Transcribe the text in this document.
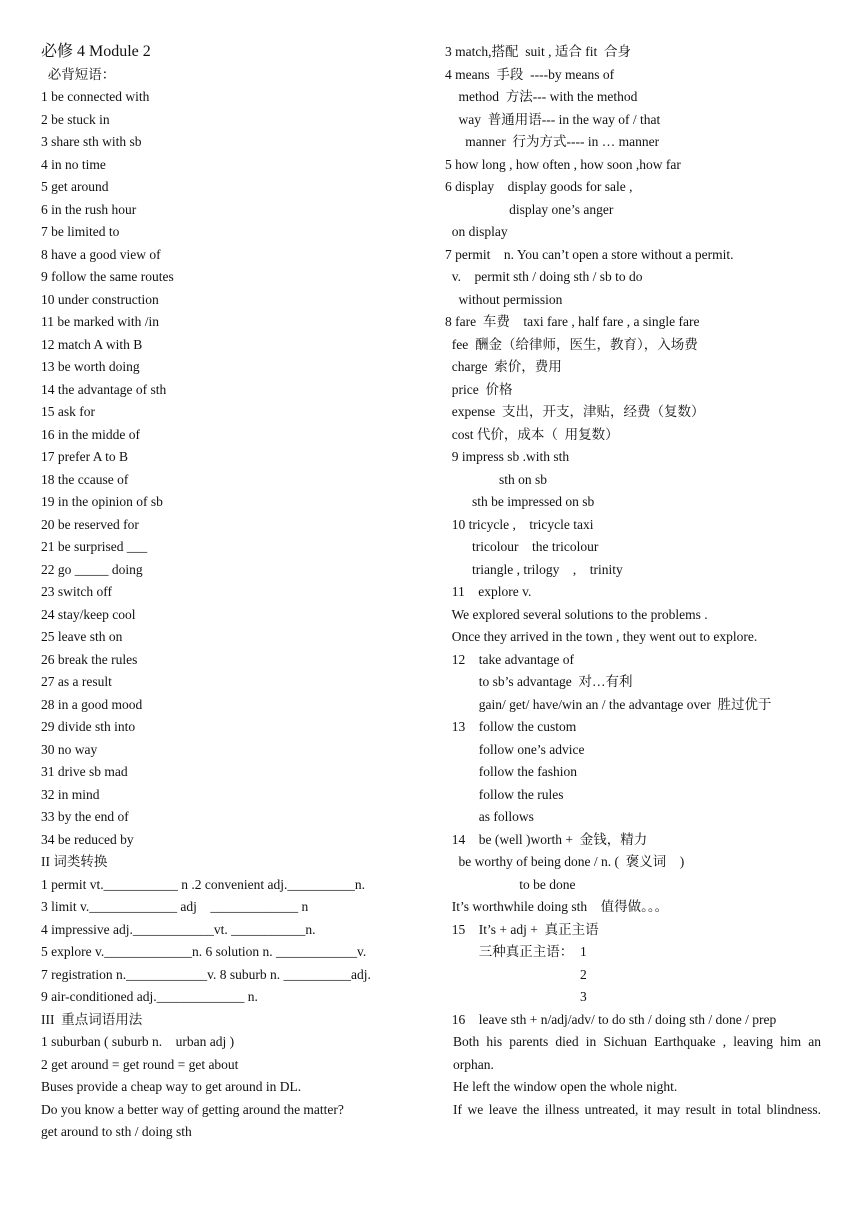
必修 4 Module 2
必背短语：
1 be connected with
2 be stuck in
3 share sth with sb
4 in no time
5 get around
6 in the rush hour
7 be limited to
8 have a good view of
9 follow the same routes
10 under construction
11 be marked with /in
12 match A with B
13 be worth doing
14 the advantage of sth
15 ask for
16 in the midde of
17 prefer A to B
18 the ccause of
19 in the opinion of sb
20 be reserved for
21 be surprised ___
22 go _____ doing
23 switch off
24 stay/keep cool
25 leave sth on
26 break the rules
27 as a result
28 in a good mood
29 divide sth into
30 no way
31 drive sb mad
32 in mind
33 by the end of
34 be reduced by
II 词类转换
1 permit vt.___________ n .2 convenient adj.__________n.
3 limit v._____________ adj    _____________ n
4 impressive adj.____________vt. ___________n.
5 explore v._____________n. 6 solution n. ____________v.
7 registration n.____________v. 8 suburb n. __________adj.
9 air-conditioned adj._____________ n.
III  重点词语用法
1 suburban ( suburb n.    urban adj )
2 get around = get round = get about
Buses provide a cheap way to get around in DL.
Do you know a better way of getting around the matter?
get around to sth / doing sth
3 match,搭配  suit , 适合 fit  合身
4 means  手段  ----by means of
method  方法--- with the method
way  普通用语--- in the way of / that
manner  行为方式---- in … manner
5 how long , how often , how soon ,how far
6 display    display goods for sale ,
display one’s anger
on display
7 permit    n. You can’t open a store without a permit.
v.    permit sth / doing sth / sb to do
without permission
8 fare  车费    taxi fare , half fare , a single fare
fee  酬金（给律师，医生，教育），入场费
charge  索价，费用
price  价格
expense  支出，开支，津贴，经费（复数）
cost 代价，成本（  用复数）
9 impress sb .with sth
sth on sb
sth be impressed on sb
10 tricycle ,    tricycle taxi
tricolour    the tricolour
triangle , trilogy    ,    trinity
11    explore v.
We explored several solutions to the problems .
Once they arrived in the town , they went out to explore.
12    take advantage of
to sb’s advantage  对…有利
gain/ get/ have/win an / the advantage over  胜过优于
13    follow the custom
follow one’s advice
follow the fashion
follow the rules
as follows
14    be (well )worth +  金钱，精力
be worthy of being done / n. (  褒义词    )
to be done
It’s worthwhile doing sth    值得做。。。
15    It’s + adj +  真正主语
三种真正主语：  1
2
3
16    leave sth + n/adj/adv/ to do sth / doing sth / done / prep
Both his parents died in Sichuan Earthquake , leaving him an orphan.
He left the window open the whole night.
If we leave the illness untreated, it may result in total blindness.
